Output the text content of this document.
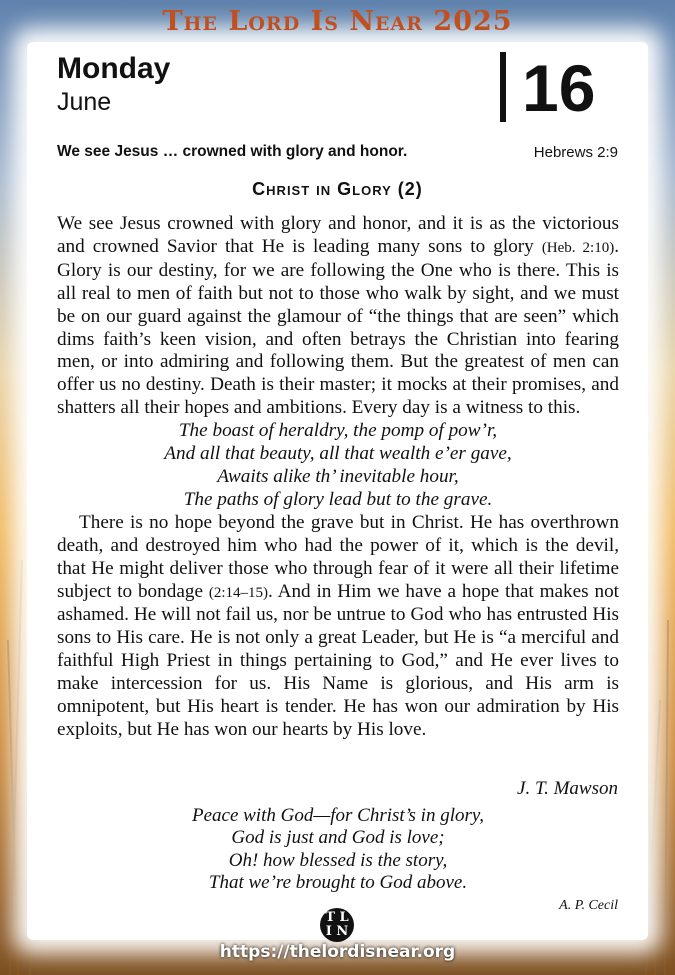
The Lord Is Near 2025
Monday
June	16
We see Jesus … crowned with glory and honor.	Hebrews 2:9
Christ in Glory (2)

We see Jesus crowned with glory and honor, and it is as the victorious and crowned Savior that He is leading many sons to glory (Heb. 2:10). Glory is our destiny, for we are following the One who is there. This is all real to men of faith but not to those who walk by sight, and we must be on our guard against the glamour of “the things that are seen” which dims faith’s keen vision, and often betrays the Christian into fearing men, or into admiring and following them. But the greatest of men can offer us no destiny. Death is their master; it mocks at their promises, and shatters all their hopes and ambitions. Every day is a witness to this.

The boast of heraldry, the pomp of pow’r,
And all that beauty, all that wealth e’er gave,
Awaits alike th’ inevitable hour,
The paths of glory lead but to the grave.

There is no hope beyond the grave but in Christ. He has overthrown death, and destroyed him who had the power of it, which is the devil, that He might deliver those who through fear of it were all their lifetime subject to bondage (2:14–15). And in Him we have a hope that makes not ashamed. He will not fail us, nor be untrue to God who has entrusted His sons to His care. He is not only a great Leader, but He is “a merciful and faithful High Priest in things pertaining to God,” and He ever lives to make intercession for us. His Name is glorious, and His arm is omnipotent, but His heart is tender. He has won our admiration by His exploits, but He has won our hearts by His love.

J. T. Mawson
Peace with God—for Christ’s in glory,
God is just and God is love;
Oh! how blessed is the story,
That we’re brought to God above.
A. P. Cecil
T L
I N
https://thelordisnear.org
